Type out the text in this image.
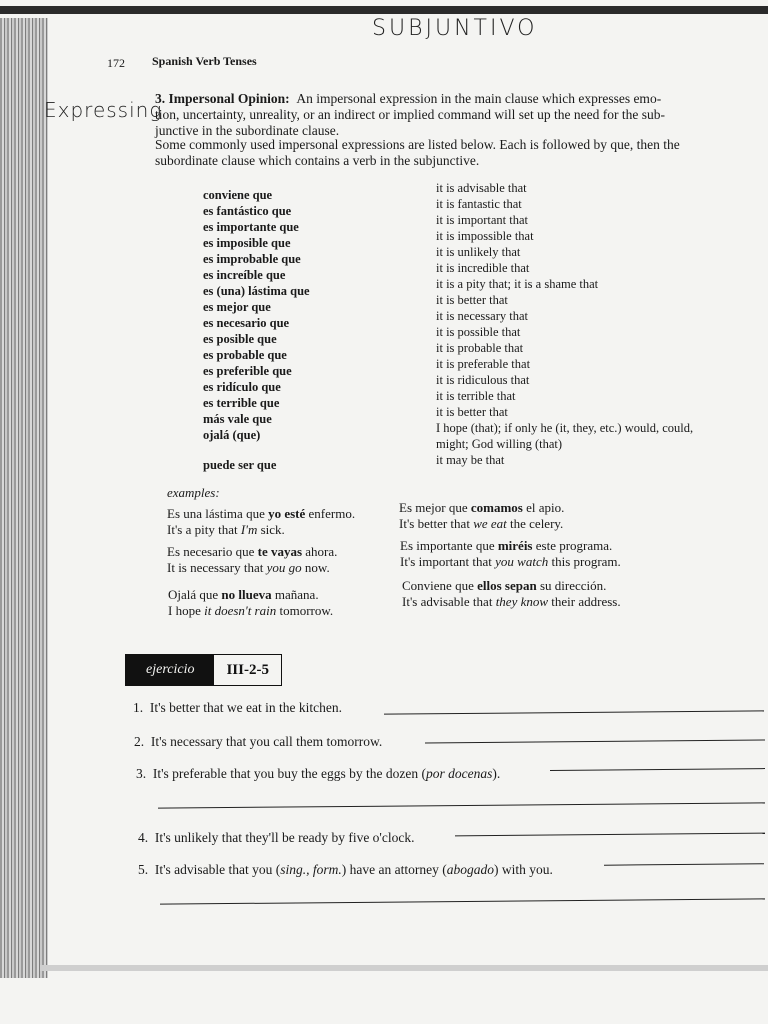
SUBJUNTIVO
Expressing
172 Spanish Verb Tenses
3. Impersonal Opinion: An impersonal expression in the main clause which expresses emo-
tion, uncertainty, unreality, or an indirect or implied command will set up the need for the sub-
junctive in the subordinate clause.
Some commonly used impersonal expressions are listed below. Each is followed by que, then the
subordinate clause which contains a verb in the subjunctive.
conviene que
es fantástico que
es importante que
es imposible que
es improbable que
es increíble que
es (una) lástima que
es mejor que
es necesario que
es posible que
es probable que
es preferible que
es ridículo que
es terrible que
más vale que
ojalá (que)
puede ser que
it is advisable that
it is fantastic that
it is important that
it is impossible that
it is unlikely that
it is incredible that
it is a pity that; it is a shame that
it is better that
it is necessary that
it is possible that
it is probable that
it is preferable that
it is ridiculous that
it is terrible that
it is better that
I hope (that); if only he (it, they, etc.) would, could,
might; God willing (that)
it may be that
examples:
Es una lástima que yo esté enfermo.
It's a pity that I'm sick.
Es mejor que comamos el apio.
It's better that we eat the celery.
Es necesario que te vayas ahora.
It is necessary that you go now.
Es importante que miréis este programa.
It's important that you watch this program.
Ojalá que no llueva mañana.
I hope it doesn't rain tomorrow.
Conviene que ellos sepan su dirección.
It's advisable that they know their address.
ejercicio	III-2-5
1. It's better that we eat in the kitchen.
2. It's necessary that you call them tomorrow.
3. It's preferable that you buy the eggs by the dozen (por docenas).
4. It's unlikely that they'll be ready by five o'clock.
5. It's advisable that you (sing., form.) have an attorney (abogado) with you.
